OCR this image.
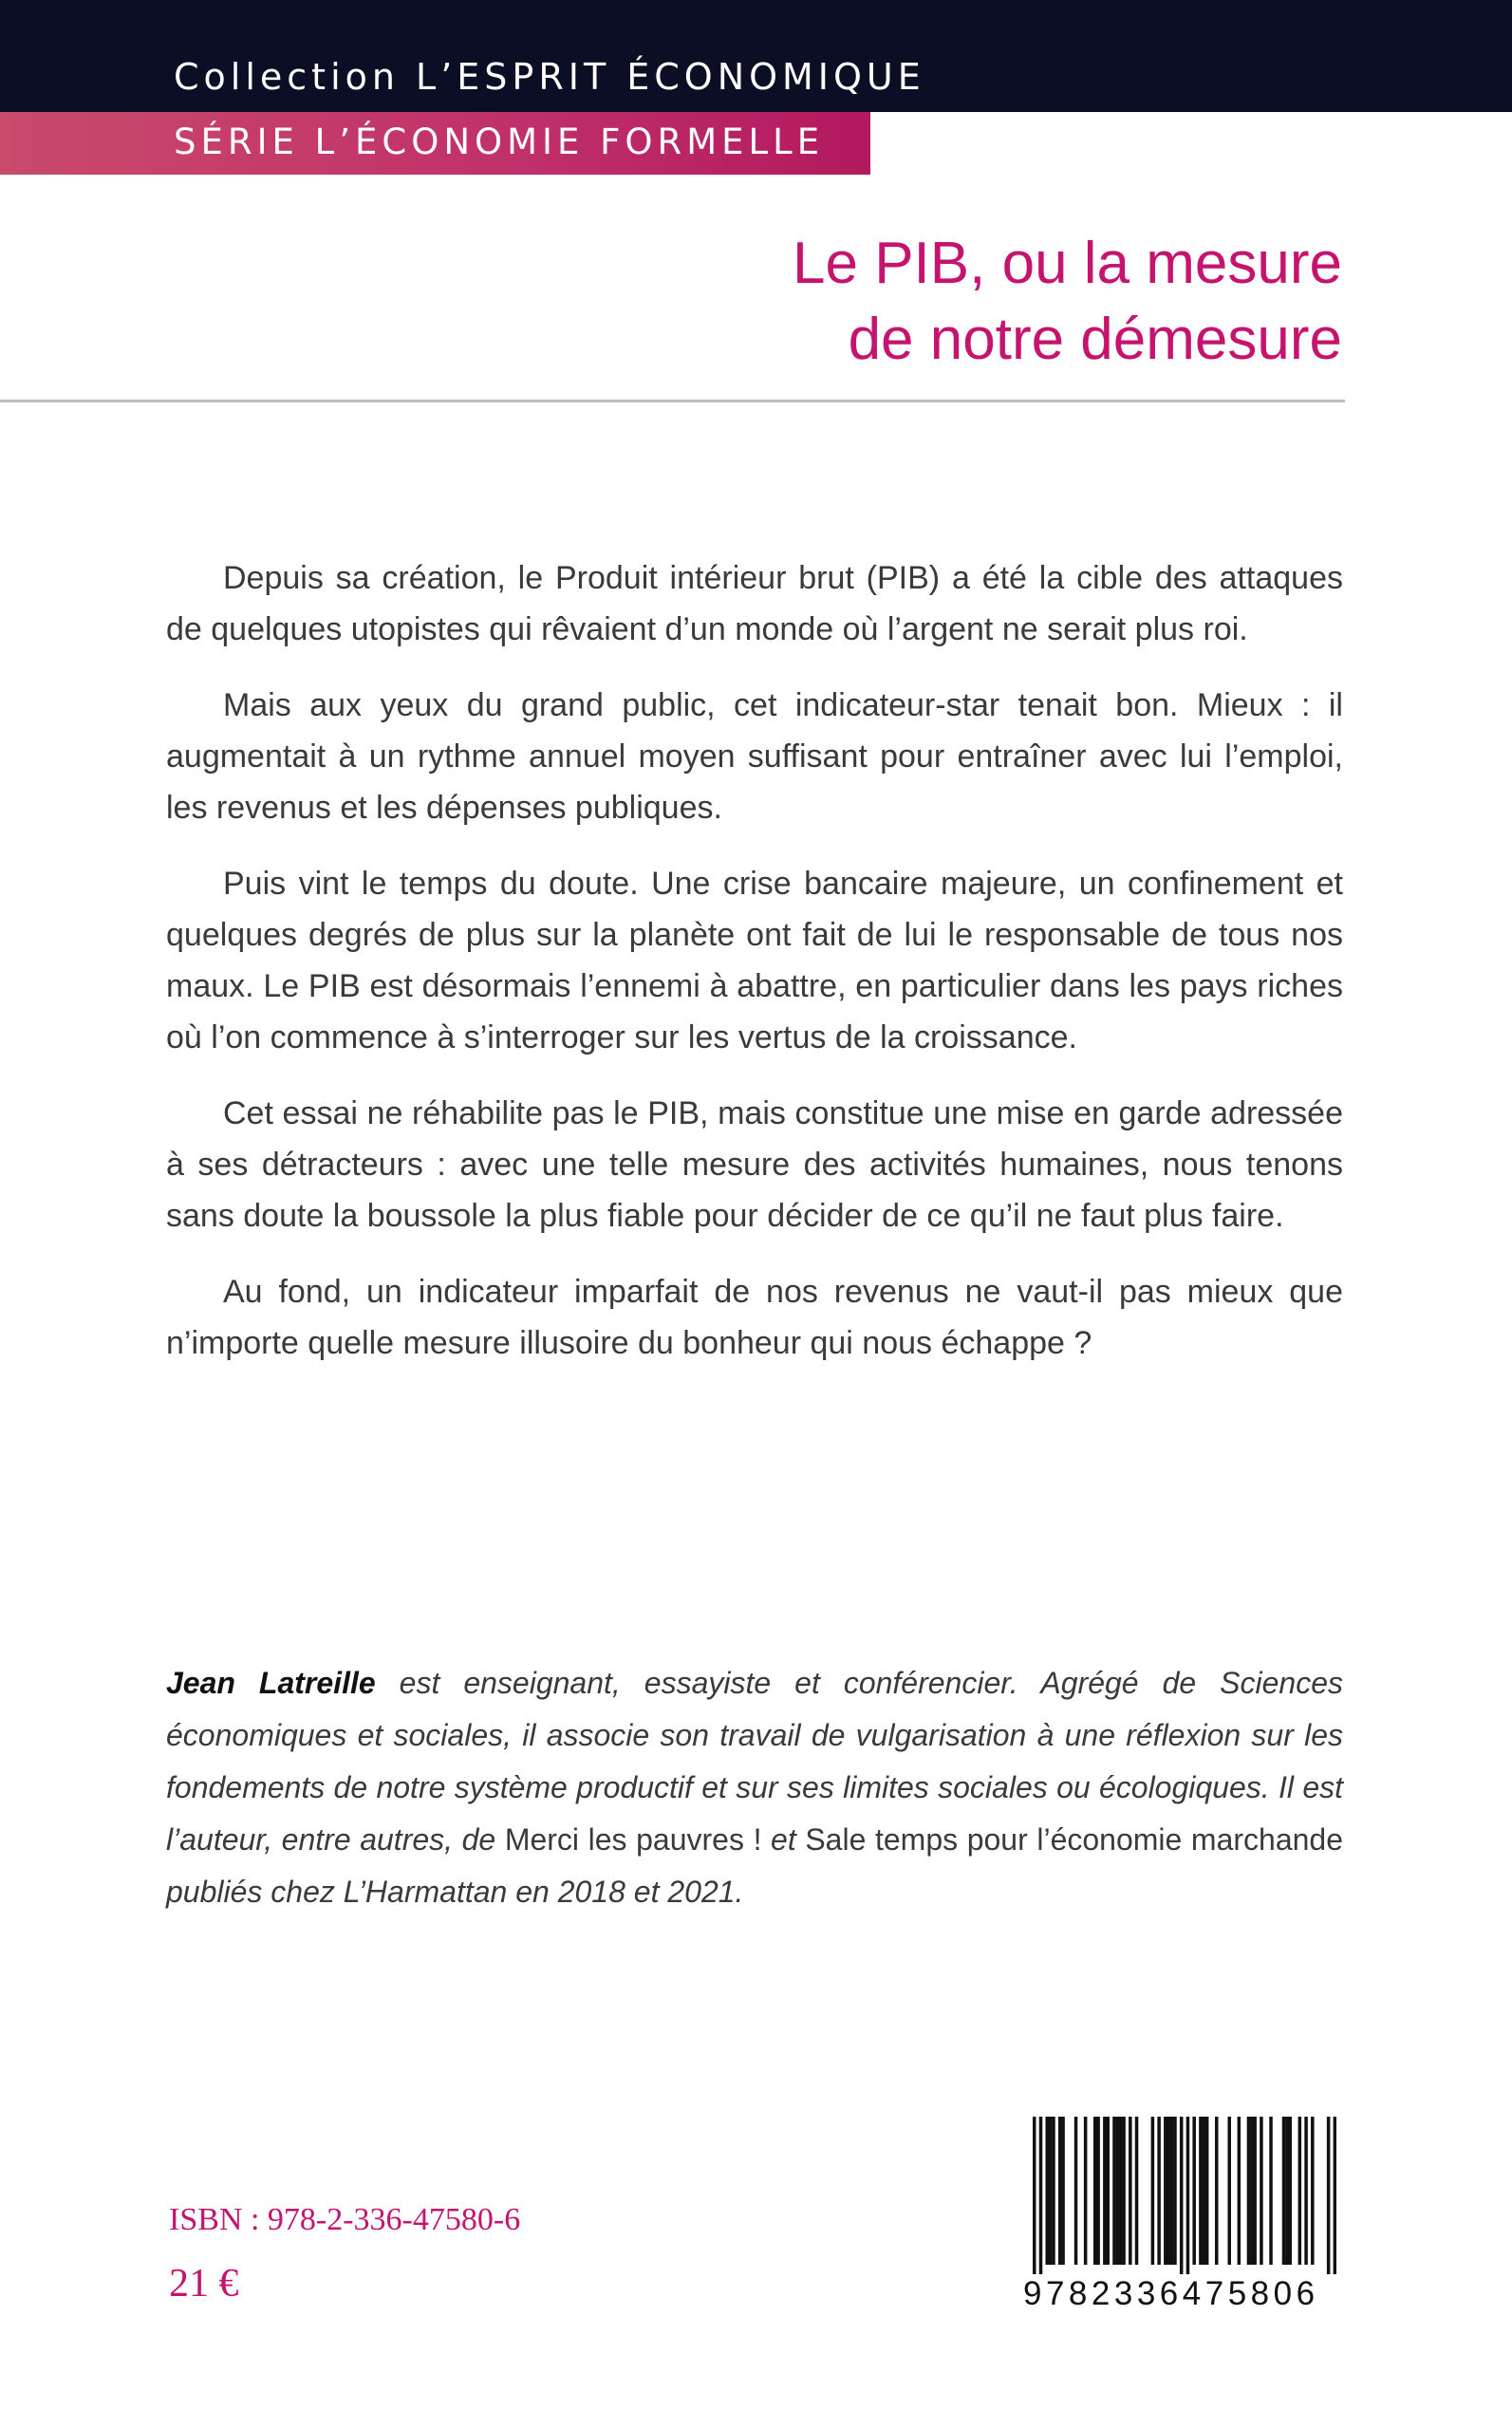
Collection L’ESPRIT ÉCONOMIQUE
SÉRIE L’ÉCONOMIE FORMELLE
Le PIB, ou la mesure
de notre démesure

Depuis sa création, le Produit intérieur brut (PIB) a été la cible des attaques de quelques utopistes qui rêvaient d’un monde où l’argent ne serait plus roi.

Mais aux yeux du grand public, cet indicateur-star tenait bon. Mieux : il augmentait à un rythme annuel moyen suffisant pour entraîner avec lui l’emploi, les revenus et les dépenses publiques.

Puis vint le temps du doute. Une crise bancaire majeure, un confinement et quelques degrés de plus sur la planète ont fait de lui le responsable de tous nos maux. Le PIB est désormais l’ennemi à abattre, en particulier dans les pays riches où l’on commence à s’interroger sur les vertus de la croissance.

Cet essai ne réhabilite pas le PIB, mais constitue une mise en garde adressée à ses détracteurs : avec une telle mesure des activités humaines, nous tenons sans doute la boussole la plus fiable pour décider de ce qu’il ne faut plus faire.

Au fond, un indicateur imparfait de nos revenus ne vaut-il pas mieux que n’importe quelle mesure illusoire du bonheur qui nous échappe ?

Jean Latreille est enseignant, essayiste et conférencier. Agrégé de Sciences économiques et sociales, il associe son travail de vulgarisation à une réflexion sur les fondements de notre système productif et sur ses limites sociales ou écologiques. Il est l’auteur, entre autres, de Merci les pauvres ! et Sale temps pour l’économie marchande publiés chez L’Harmattan en 2018 et 2021.
ISBN : 978-2-336-47580-6
21 €	9782336475806
